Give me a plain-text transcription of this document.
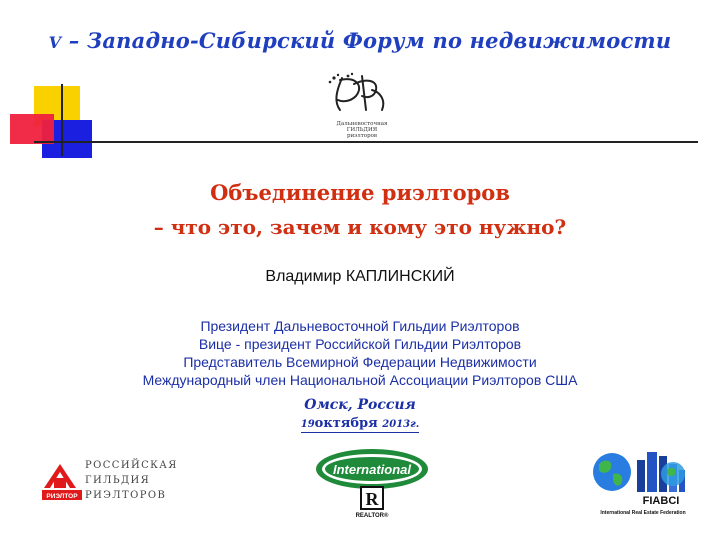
V – Западно-Сибирский Форум по недвижимости
Дальневосточная
ГИЛЬДИЯ
риэлторов
Объединение риэлторов
– что это, зачем и кому это нужно?
Владимир КАПЛИНСКИЙ
Президент Дальневосточной Гильдии Риэлторов
Вице - президент Российской Гильдии Риэлторов
Представитель Всемирной Федерации Недвижимости
Международный член Национальной Ассоциации Риэлторов США
Омск, Россия
19октября 2013г.
РИЭЛТОР
РОССИЙСКАЯ
ГИЛЬДИЯ
РИЭЛТОРОВ
International
R
REALTOR®
FIABCI
International Real Estate Federation
